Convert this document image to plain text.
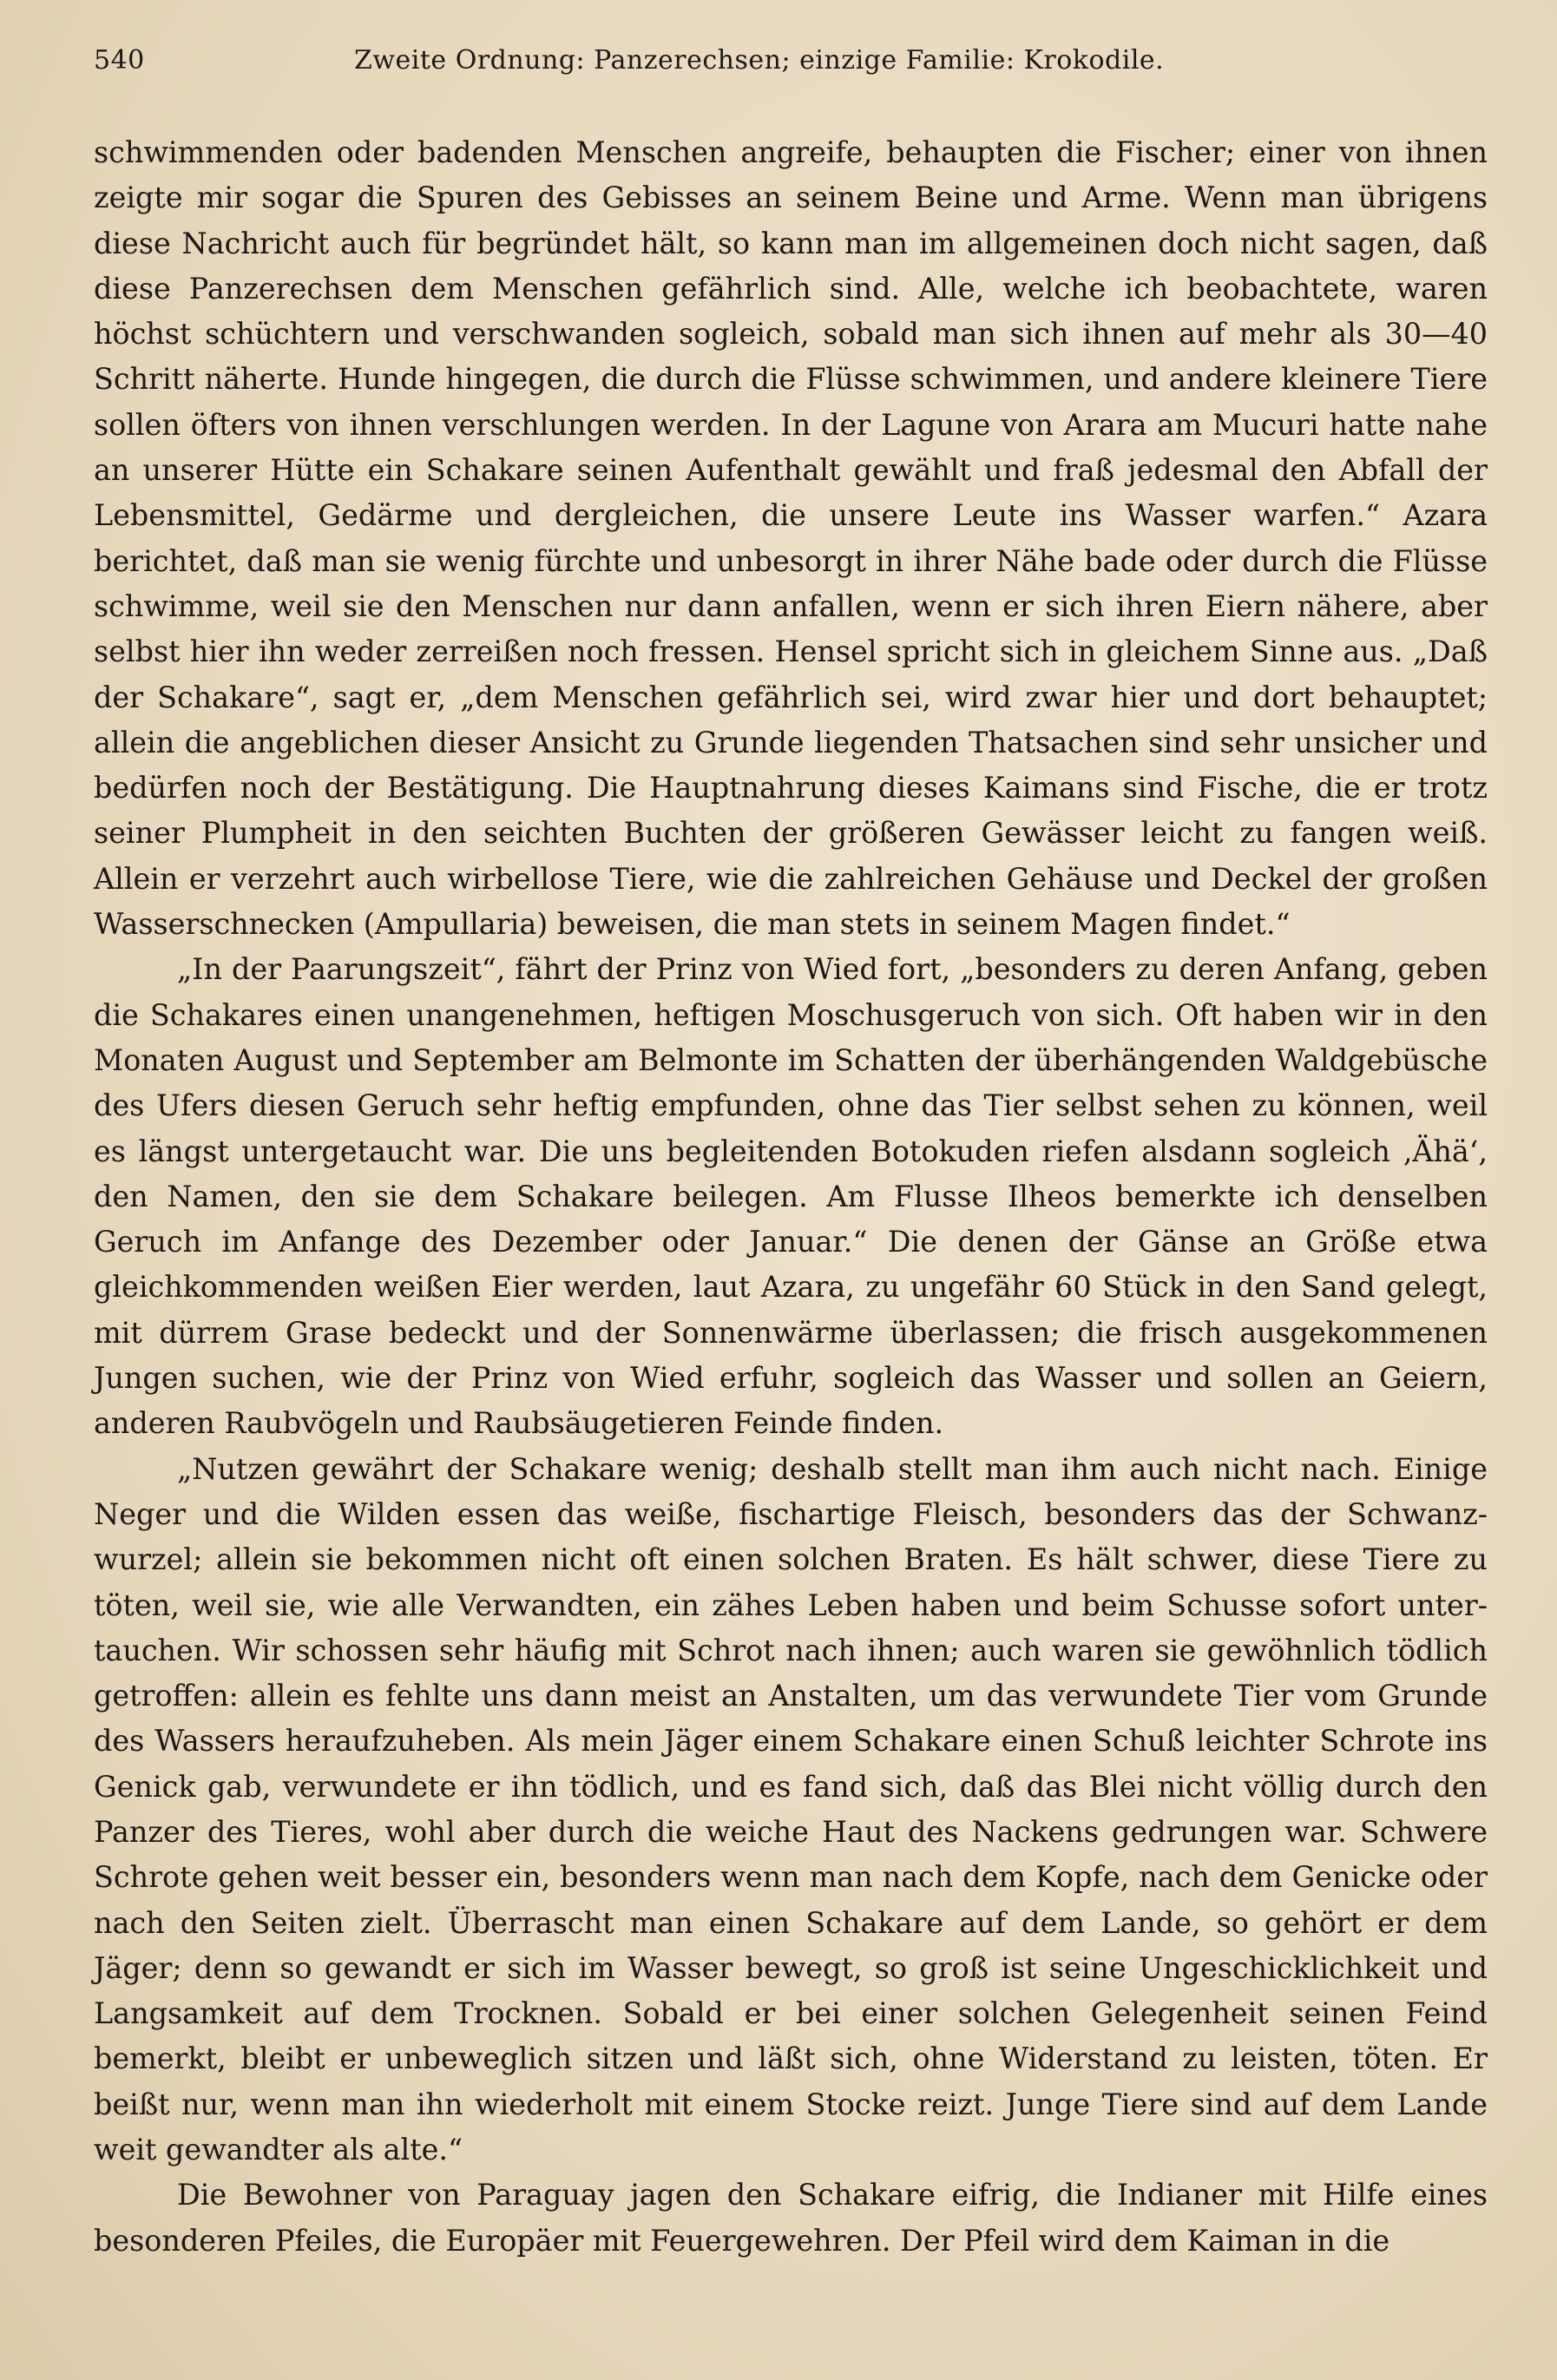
540	Zweite Ordnung: Panzerechsen; einzige Familie: Krokodile.

schwimmenden oder badenden Menschen angreife, behaupten die Fischer; einer von ihnen zeigte mir sogar die Spuren des Gebisses an seinem Beine und Arme. Wenn man übrigens diese Nachricht auch für begründet hält, so kann man im allgemeinen doch nicht sagen, daß diese Panzerechsen dem Menschen gefährlich sind. Alle, welche ich beobachtete, waren höchst schüchtern und verschwanden sogleich, sobald man sich ihnen auf mehr als 30—40 Schritt näherte. Hunde hingegen, die durch die Flüsse schwimmen, und andere kleinere Tiere sollen öfters von ihnen verschlungen werden. In der Lagune von Arara am Mucuri hatte nahe an unserer Hütte ein Schakare seinen Aufenthalt gewählt und fraß jedesmal den Abfall der Lebensmittel, Gedärme und dergleichen, die unsere Leute ins Wasser warfen.“ Azara berichtet, daß man sie wenig fürchte und unbesorgt in ihrer Nähe bade oder durch die Flüsse schwimme, weil sie den Menschen nur dann anfallen, wenn er sich ihren Eiern nähere, aber selbst hier ihn weder zerreißen noch fressen. Hensel spricht sich in gleichem Sinne aus. „Daß der Schakare“, sagt er, „dem Menschen gefährlich sei, wird zwar hier und dort behauptet; allein die angeblichen dieser Ansicht zu Grunde liegenden Thatsachen sind sehr unsicher und bedürfen noch der Bestätigung. Die Hauptnahrung dieses Kaimans sind Fische, die er trotz seiner Plumpheit in den seichten Buchten der größeren Gewässer leicht zu fangen weiß. Allein er verzehrt auch wirbellose Tiere, wie die zahlreichen Gehäuse und Deckel der großen Wasserschnecken (Ampullaria) beweisen, die man stets in seinem Magen findet.“

„In der Paarungszeit“, fährt der Prinz von Wied fort, „besonders zu deren Anfang, geben die Schakares einen unangenehmen, heftigen Moschusgeruch von sich. Oft haben wir in den Monaten August und September am Belmonte im Schatten der überhängenden Waldgebüsche des Ufers diesen Geruch sehr heftig empfunden, ohne das Tier selbst sehen zu können, weil es längst untergetaucht war. Die uns begleitenden Botokuden riefen alsdann sogleich ‚Ähä‘, den Namen, den sie dem Schakare beilegen. Am Flusse Ilheos bemerkte ich denselben Geruch im Anfange des Dezember oder Januar.“ Die denen der Gänse an Größe etwa gleichkommenden weißen Eier werden, laut Azara, zu ungefähr 60 Stück in den Sand gelegt, mit dürrem Grase bedeckt und der Sonnenwärme überlassen; die frisch ausgekommenen Jungen suchen, wie der Prinz von Wied erfuhr, sogleich das Wasser und sollen an Geiern, anderen Raubvögeln und Raubsäugetieren Feinde finden.

„Nutzen gewährt der Schakare wenig; deshalb stellt man ihm auch nicht nach. Einige Neger und die Wilden essen das weiße, fischartige Fleisch, besonders das der Schwanzwurzel; allein sie bekommen nicht oft einen solchen Braten. Es hält schwer, diese Tiere zu töten, weil sie, wie alle Verwandten, ein zähes Leben haben und beim Schusse sofort untertauchen. Wir schossen sehr häufig mit Schrot nach ihnen; auch waren sie gewöhnlich tödlich getroffen: allein es fehlte uns dann meist an Anstalten, um das verwundete Tier vom Grunde des Wassers heraufzuheben. Als mein Jäger einem Schakare einen Schuß leichter Schrote ins Genick gab, verwundete er ihn tödlich, und es fand sich, daß das Blei nicht völlig durch den Panzer des Tieres, wohl aber durch die weiche Haut des Nackens gedrungen war. Schwere Schrote gehen weit besser ein, besonders wenn man nach dem Kopfe, nach dem Genicke oder nach den Seiten zielt. Überrascht man einen Schakare auf dem Lande, so gehört er dem Jäger; denn so gewandt er sich im Wasser bewegt, so groß ist seine Ungeschicklichkeit und Langsamkeit auf dem Trocknen. Sobald er bei einer solchen Gelegenheit seinen Feind bemerkt, bleibt er unbeweglich sitzen und läßt sich, ohne Widerstand zu leisten, töten. Er beißt nur, wenn man ihn wiederholt mit einem Stocke reizt. Junge Tiere sind auf dem Lande weit gewandter als alte.“

Die Bewohner von Paraguay jagen den Schakare eifrig, die Indianer mit Hilfe eines besonderen Pfeiles, die Europäer mit Feuergewehren. Der Pfeil wird dem Kaiman in die
